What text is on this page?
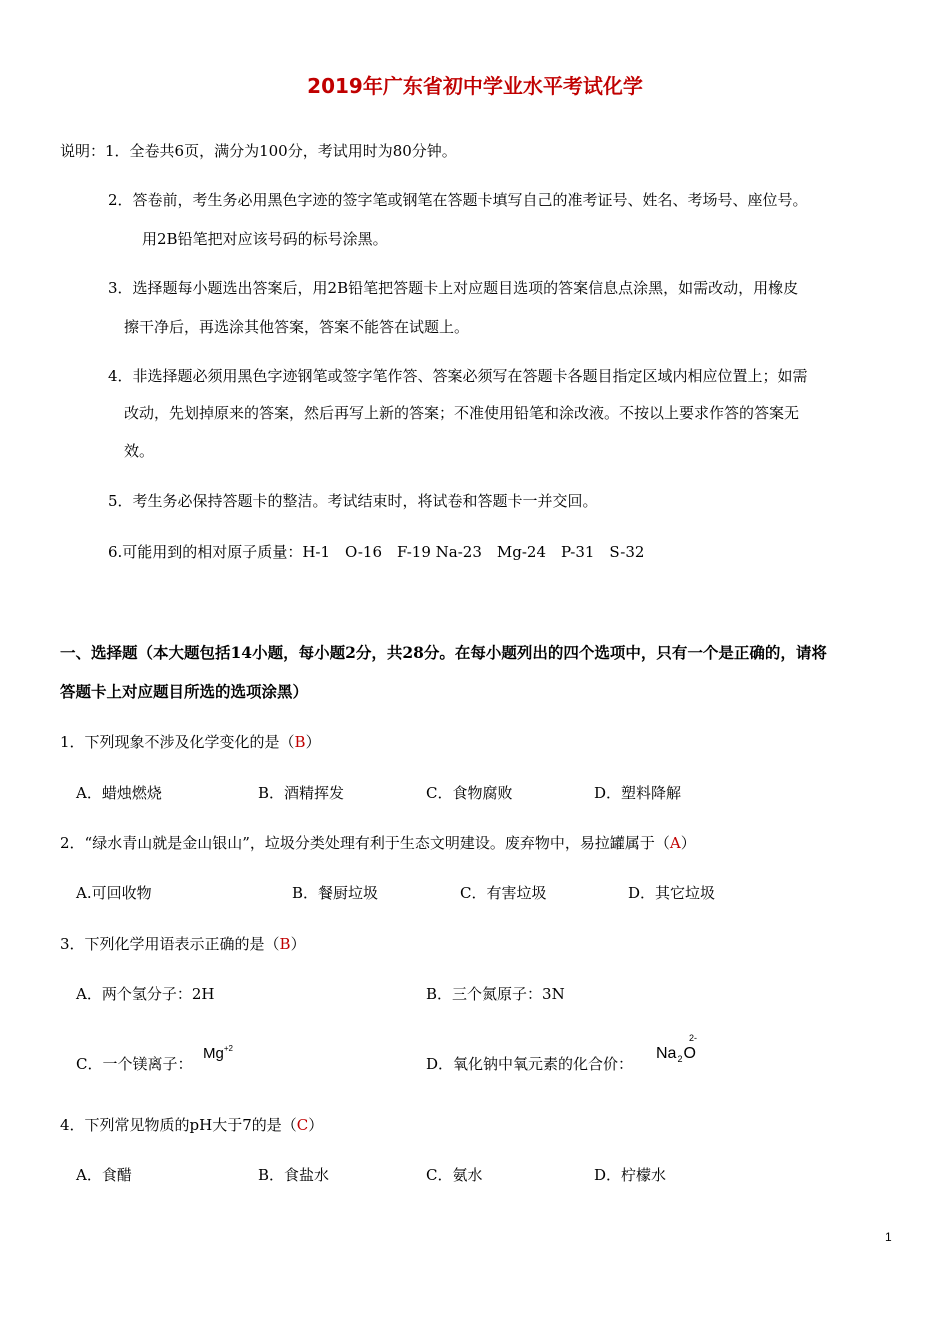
2019年广东省初中学业水平考试化学
说明：1．全卷共6页，满分为100分，考试用时为80分钟。
2．答卷前，考生务必用黑色字迹的签字笔或钢笔在答题卡填写自己的准考证号、姓名、考场号、座位号。
用2B铅笔把对应该号码的标号涂黑。
3．选择题每小题选出答案后，用2B铅笔把答题卡上对应题目选项的答案信息点涂黑，如需改动，用橡皮
擦干净后，再选涂其他答案，答案不能答在试题上。
4．非选择题必须用黑色字迹钢笔或签字笔作答、答案必须写在答题卡各题目指定区域内相应位置上；如需
改动，先划掉原来的答案，然后再写上新的答案；不准使用铅笔和涂改液。不按以上要求作答的答案无
效。
5．考生务必保持答题卡的整洁。考试结束时，将试卷和答题卡一并交回。
6.可能用到的相对原子质量：H-1　O-16　F-19 Na-23　Mg-24　P-31　S-32
一、选择题（本大题包括14小题，每小题2分，共28分。在每小题列出的四个选项中，只有一个是正确的，请将
答题卡上对应题目所选的选项涂黑）
1．下列现象不涉及化学变化的是（B）
A．蜡烛燃烧	B．酒精挥发	C．食物腐败	D．塑料降解
2．“绿水青山就是金山银山”，垃圾分类处理有利于生态文明建设。废弃物中，易拉罐属于（A）
A.可回收物	B．餐厨垃圾	C．有害垃圾	D．其它垃圾
3．下列化学用语表示正确的是（B）
A．两个氢分子：2H	B．三个氮原子：3N
C．一个镁离子：
$Mg^{+2}$
D．氧化钠中氧元素的化合价：
$Na_2O$
2-
4．下列常见物质的pH大于7的是（C）
A．食醋	B．食盐水	C．氨水	D．柠檬水
1
